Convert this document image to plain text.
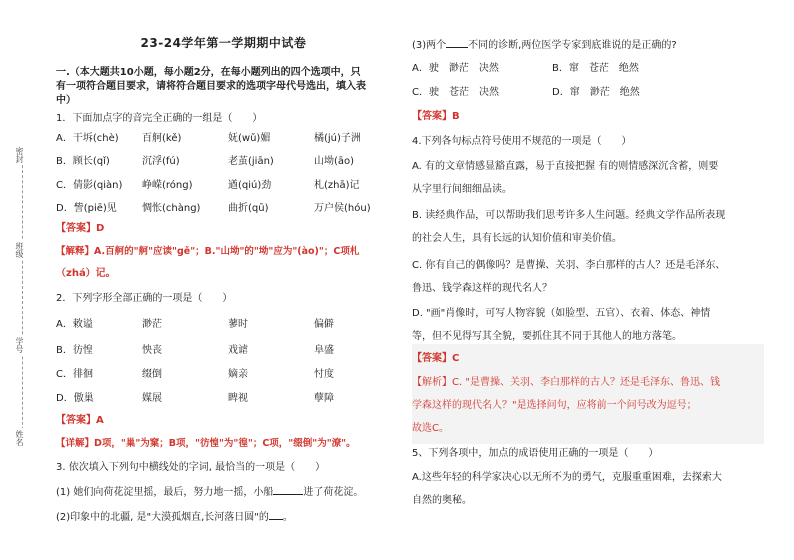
密封
班级
学号
姓名
23-24学年第一学期期中试卷
一.（本大题共10小题，每小题2分，在每小题列出的四个选项中，只
有一项符合题目要求，请将符合题目要求的选项字母代号选出，填入表
中）
1．下面加点字的音完全正确的一组是（　　）
A．干坼(chè) 百舸(kě)	妩(wǔ)媚	橘(jú)子洲
B．顾长(qǐ)	沉浮(fú)	老茧(jiān)	山坳(āo)
C．倩影(qiàn) 峥嵘(róng)	遒(qiú)劲	札(zhā)记
D．訾(piē)见	惆怅(chàng)	曲折(qū)	万户侯(hóu)
【答案】D
【解释】A.百舸的"舸"应读"gě"；B."山坳"的"坳"应为"(ào)"；C项札
（zhá）记。
2．下列字形全部正确的一项是（　　）
A．敕谥	渺茫	蓼时	偏僻
B．彷惶	怏丧	戏谑	阜盛
C．徘徊	缀倒	嫡亲	忖度
D．傲巢	媒展	睥视	孽障
【答案】A
【详解】D项，"巢"为窠；B项，"彷惶"为"徨"；C项，"缀倒"为"潦"。
3. 依次填入下列句中横线处的字词, 最恰当的一项是（　　）
(1) 她们向荷花淀里摇，最后，努力地一摇，小船	进了荷花淀。
(2)印象中的北疆, 是"大漠孤烟直,长河落日圆"的 。
(3)两个 不同的诊断,两位医学专家到底谁说的是正确的?
A．驶　渺茫　决然	B．窜　苍茫　绝然
C．驶　苍茫　决然	D．窜　渺茫　绝然
【答案】B
4.下列各句标点符号使用不规范的一项是（　　）
A. 有的文章情感显豁直露，易于直接把握 有的则情感深沉含蓄，则要
从字里行间细细品读。
B. 读经典作品，可以帮助我们思考许多人生问题。经典文学作品所表现
的社会人生，具有长远的认知价值和审美价值。
C. 你有自己的偶像吗？是曹操、关羽、李白那样的古人？还是毛泽东、
鲁迅、钱学森这样的现代名人？
D. "画"肖像时，可写人物容貌（如脸型、五官）、衣着、体态、神情
等，但不见得写其全貌，要抓住其不同于其他人的地方落笔。
【答案】C
【解析】C. "是曹操、关羽、李白那样的古人？还是毛泽东、鲁迅、钱
学森这样的现代名人？"是选择问句，应将前一个问号改为逗号；
故选C。
5、下列各项中，加点的成语使用正确的一项是（　　）
A.这些年轻的科学家决心以无所不为的勇气，克服重重困难，去探索大
自然的奥秘。
